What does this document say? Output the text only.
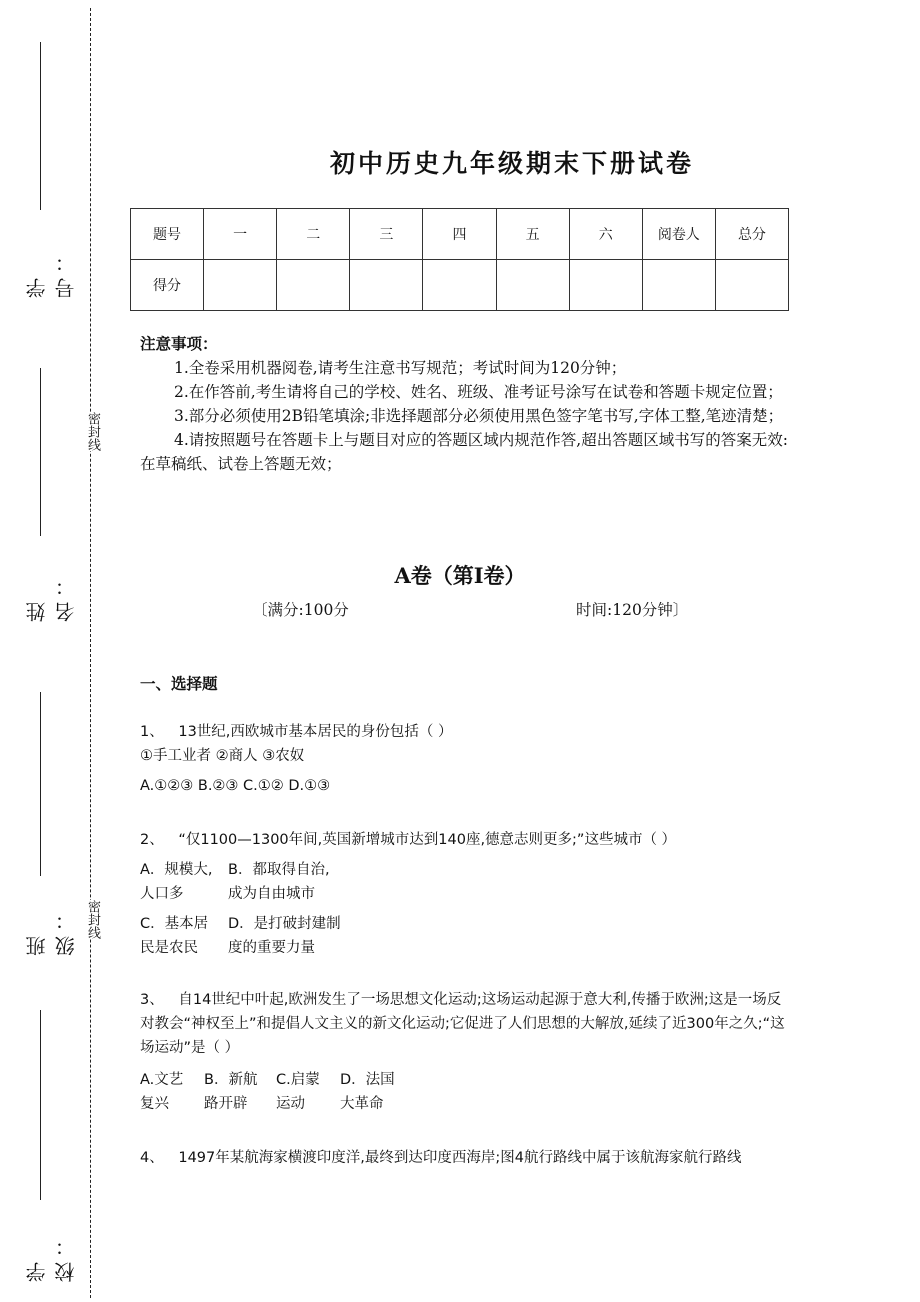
学号：
姓名：
班级：
学校：
密封线
密封线
初中历史九年级期末下册试卷
题号	一	二	三	四	五	六	阅卷人	总分
得分								

注意事项：

1.全卷采用机器阅卷,请考生注意书写规范；考试时间为120分钟；

2.在作答前,考生请将自己的学校、姓名、班级、准考证号涂写在试卷和答题卡规定位置；

3.部分必须使用2B铅笔填涂;非选择题部分必须使用黑色签字笔书写,字体工整,笔迹清楚；

4.请按照题号在答题卡上与题目对应的答题区域内规范作答,超出答题区域书写的答案无效:在草稿纸、试卷上答题无效；

A卷（第I卷）
〔满分:100分	时间:120分钟〕
一、选择题

1、 13世纪,西欧城市基本居民的身份包括（ ）

①手工业者 ②商人 ③农奴

A.①②③ B.②③ C.①② D.①③

2、 “仅1100—1300年间,英国新增城市达到140座,德意志则更多;”这些城市（ ）

A．规模大, B．都取得自治,
人口多	成为自由城市
C．基本居 D．是打破封建制
民是农民 度的重要力量

3、 自14世纪中叶起,欧洲发生了一场思想文化运动;这场运动起源于意大利,传播于欧洲;这是一场反对教会“神权至上”和提倡人文主义的新文化运动;它促进了人们思想的大解放,延续了近300年之久;“这场运动”是（ ）

A.文艺 B．新航 C.启蒙 D．法国
复兴 路开辟 运动 大革命

4、 1497年某航海家横渡印度洋,最终到达印度西海岸;图4航行路线中属于该航海家航行路线
